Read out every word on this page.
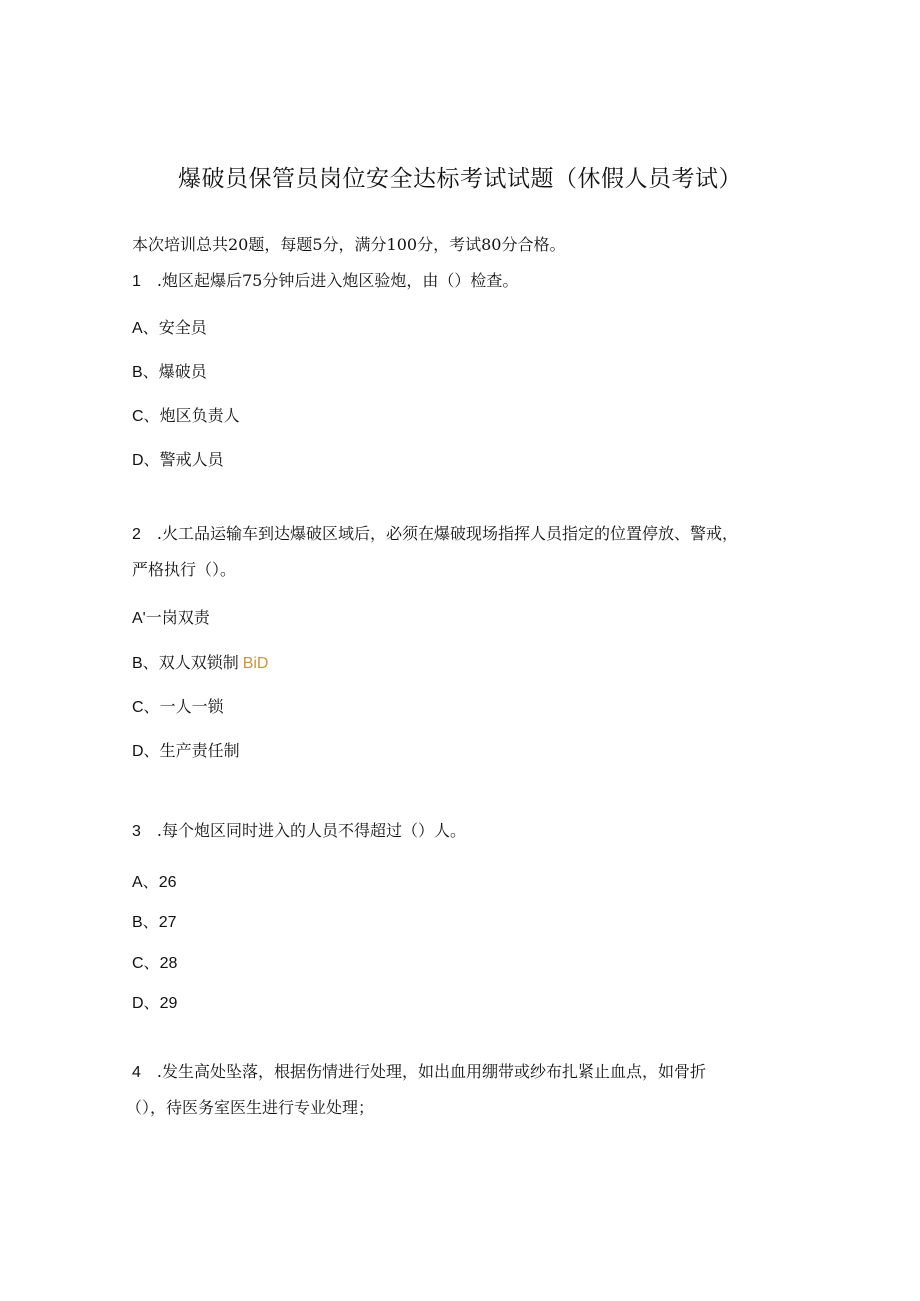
爆破员保管员岗位安全达标考试试题（休假人员考试）
本次培训总共20题，每题5分，满分100分，考试80分合格。
1 .炮区起爆后75分钟后进入炮区验炮，由（）检查。
A、安全员
B、爆破员
C、炮区负责人
D、警戒人员
2 .火工品运输车到达爆破区域后，必须在爆破现场指挥人员指定的位置停放、警戒，
严格执行（）。
A'一岗双责
B、双人双锁制 BiD
C、一人一锁
D、生产责任制
3 .每个炮区同时进入的人员不得超过（）人。
A、26
B、27
C、28
D、29
4 .发生高处坠落，根据伤情进行处理，如出血用绷带或纱布扎紧止血点，如骨折
（），待医务室医生进行专业处理；
